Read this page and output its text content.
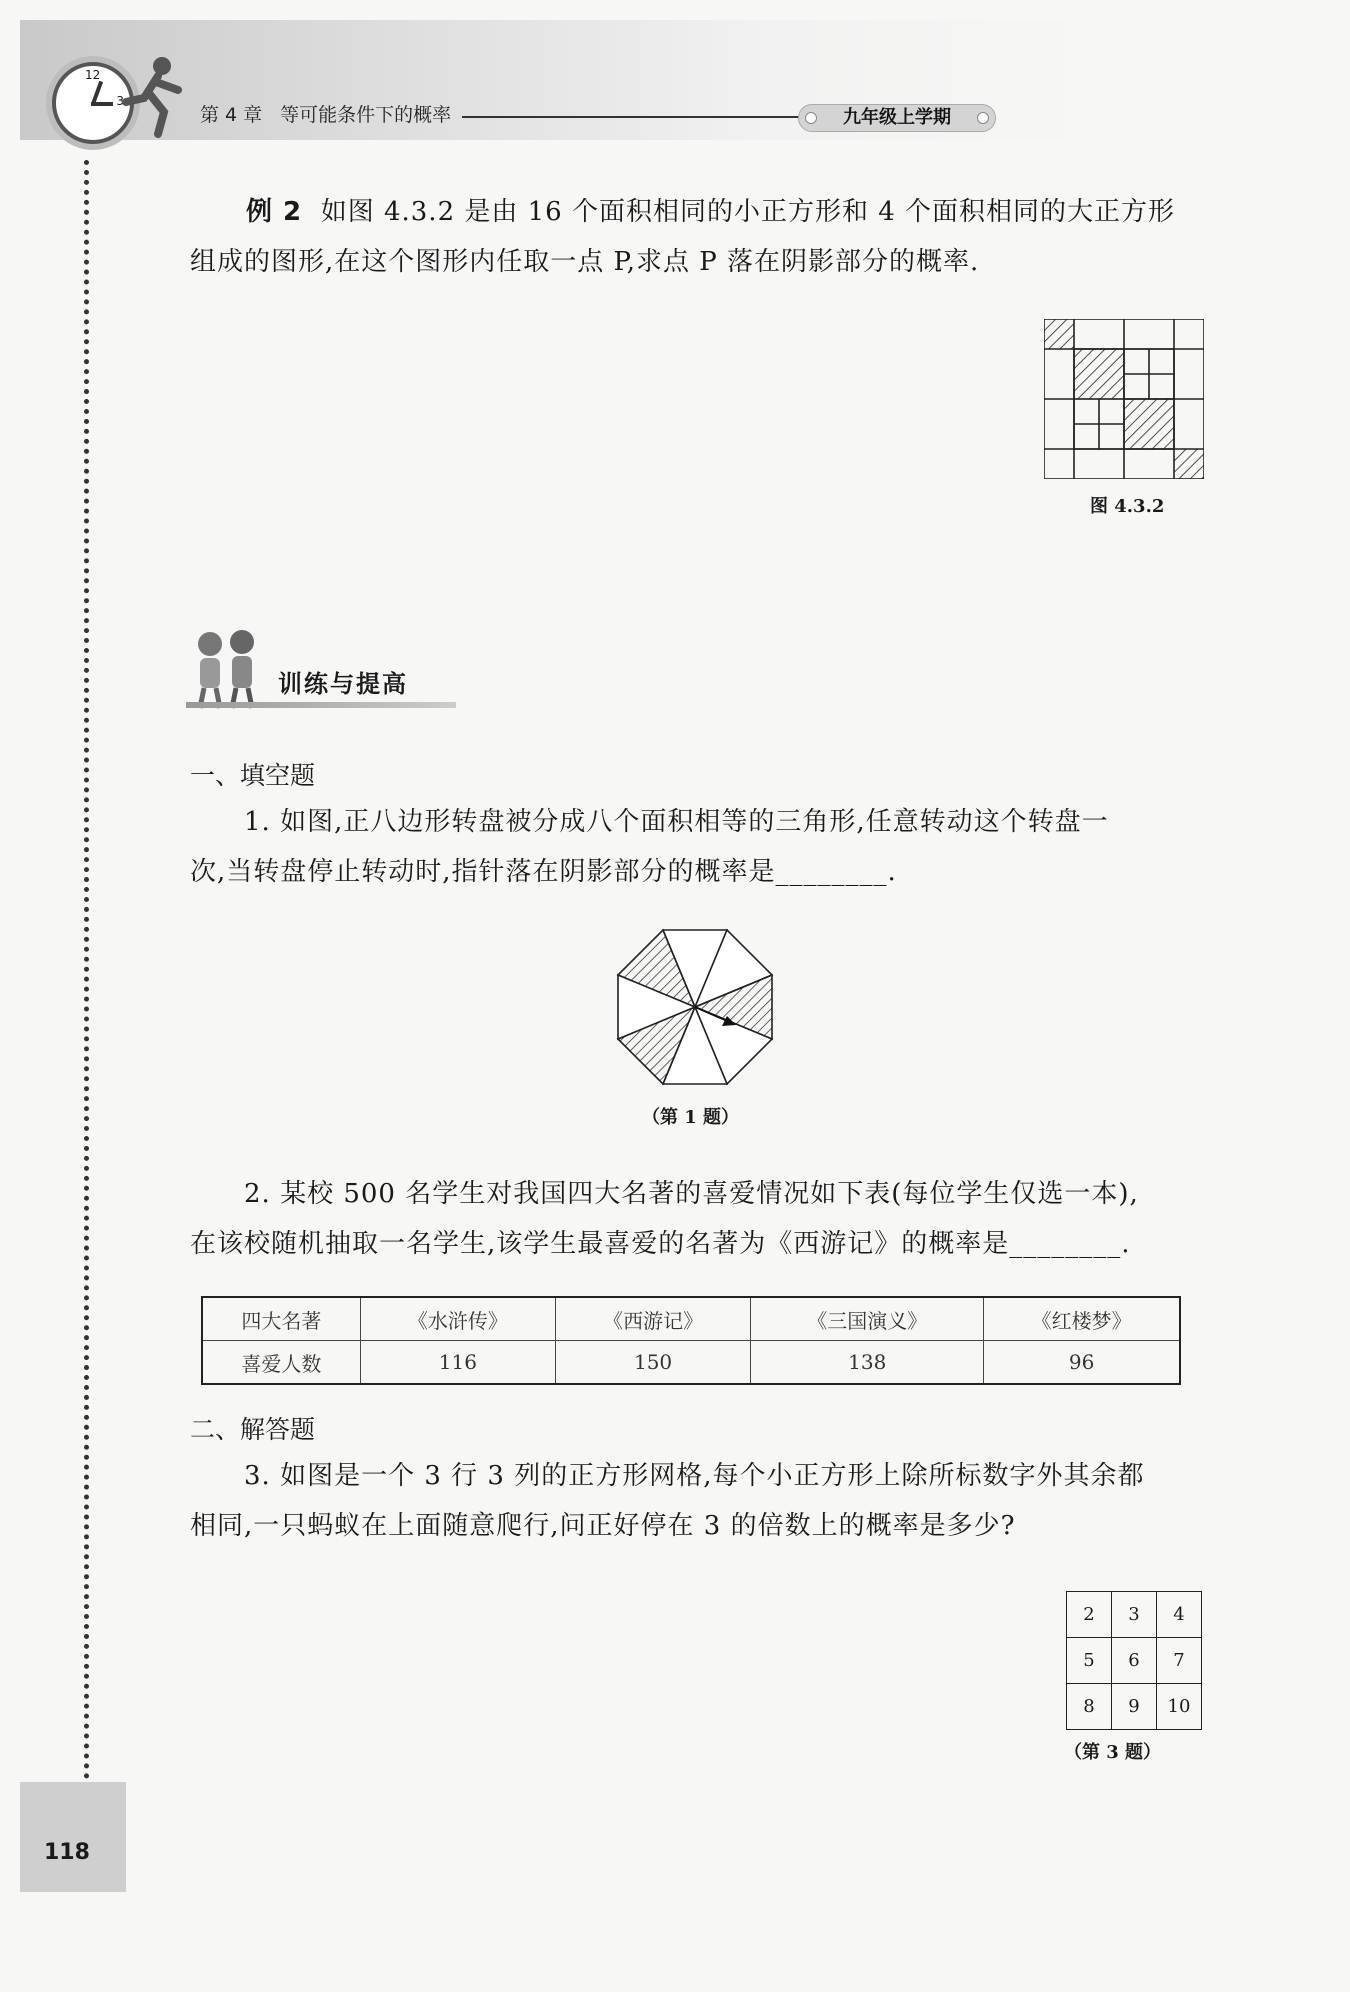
12
3
第 4 章 等可能条件下的概率	九年级上学期
例 2 如图 4.3.2 是由 16 个面积相同的小正方形和 4 个面积相同的大正方形
组成的图形,在这个图形内任取一点 P,求点 P 落在阴影部分的概率.
图 4.3.2
训练与提高
一、填空题
1. 如图,正八边形转盘被分成八个面积相等的三角形,任意转动这个转盘一
次,当转盘停止转动时,指针落在阴影部分的概率是________.
（第 1 题）
2. 某校 500 名学生对我国四大名著的喜爱情况如下表(每位学生仅选一本),
在该校随机抽取一名学生,该学生最喜爱的名著为《西游记》的概率是________.
四大名著	《水浒传》	《西游记》	《三国演义》	《红楼梦》
喜爱人数	116	150	138	96
二、解答题
3. 如图是一个 3 行 3 列的正方形网格,每个小正方形上除所标数字外其余都
相同,一只蚂蚁在上面随意爬行,问正好停在 3 的倍数上的概率是多少?
2	3	4
5	6	7
8	9	10
（第 3 题）
118
